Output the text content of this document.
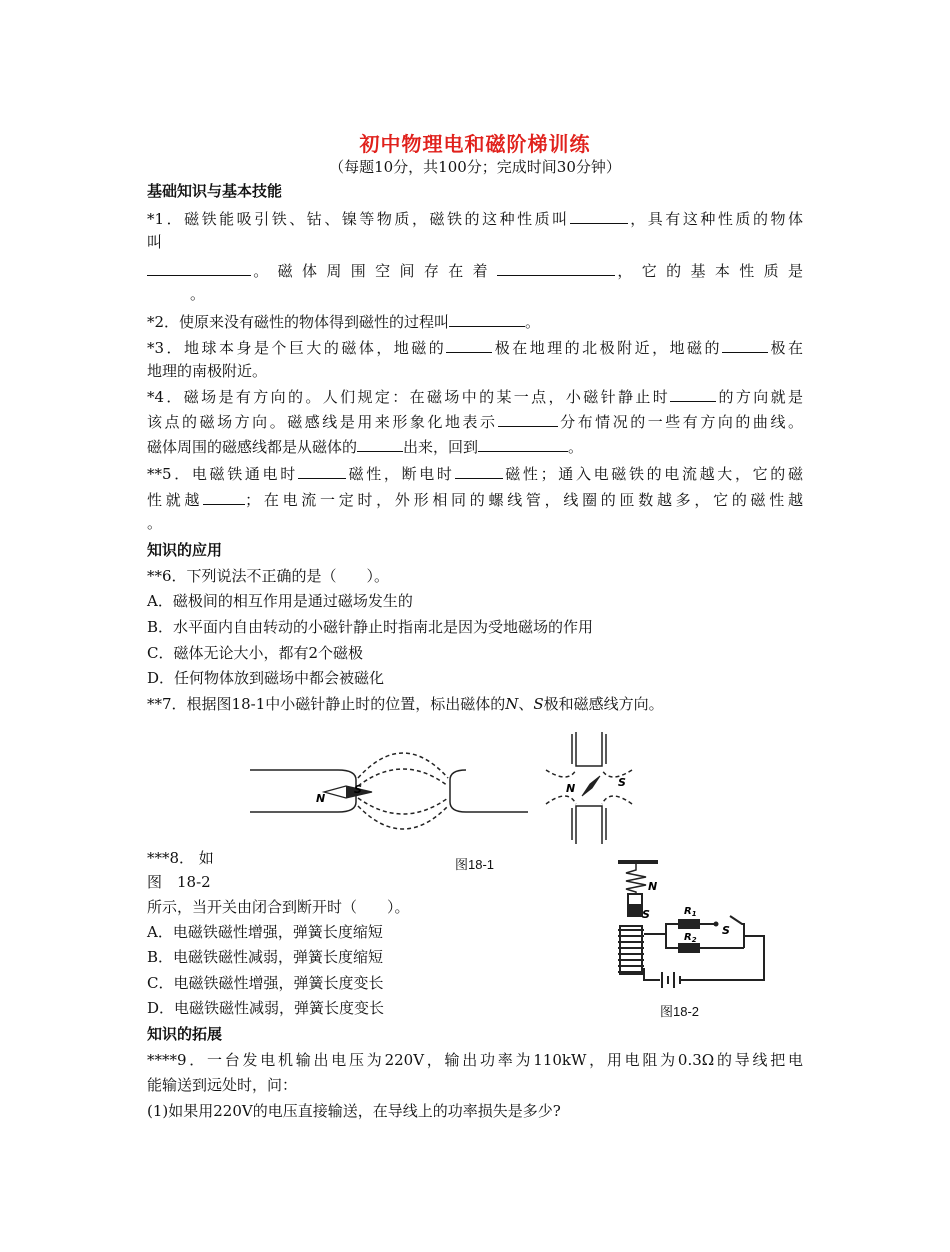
初中物理电和磁阶梯训练
（每题10分，共100分；完成时间30分钟）
基础知识与基本技能
*1．磁铁能吸引铁、钴、镍等物质，磁铁的这种性质叫	，具有这种性质的物体
叫
。 磁 体 周 围 空 间 存 在 着	， 它 的 基 本 性 质 是
。
*2．使原来没有磁性的物体得到磁性的过程叫	。
*3．地球本身是个巨大的磁体，地磁的	极在地理的北极附近，地磁的	极在
地理的南极附近。
*4．磁场是有方向的。人们规定：在磁场中的某一点，小磁针静止时	的方向就是
该点的磁场方向。磁感线是用来形象化地表示	分布情况的一些有方向的曲线。
磁体周围的磁感线都是从磁体的	出来，回到	。
**5．电磁铁通电时	磁性，断电时	磁性；通入电磁铁的电流越大，它的磁
性就越	；在电流一定时，外形相同的螺线管，线圈的匝数越多，它的磁性越
。
知识的应用
**6．下列说法不正确的是（　　）。
A．磁极间的相互作用是通过磁场发生的
B．水平面内自由转动的小磁针静止时指南北是因为受地磁场的作用
C．磁体无论大小，都有2个磁极
D．任何物体放到磁场中都会被磁化
**7．根据图18-1中小磁针静止时的位置，标出磁体的N、S极和磁感线方向。
N
S	N	S
***8． 如	图18-1
图　18-2
所示，当开关由闭合到断开时（　　）。
A．电磁铁磁性增强，弹簧长度缩短
B．电磁铁磁性减弱，弹簧长度缩短
C．电磁铁磁性增强，弹簧长度变长
D．电磁铁磁性减弱，弹簧长度变长
N
S	$R_1$
$R_2$
S
图18-2
知识的拓展
****9．一台发电机输出电压为220V，输出功率为110kW，用电阻为0.3Ω的导线把电
能输送到远处时，问：
(1)如果用220V的电压直接输送，在导线上的功率损失是多少?
